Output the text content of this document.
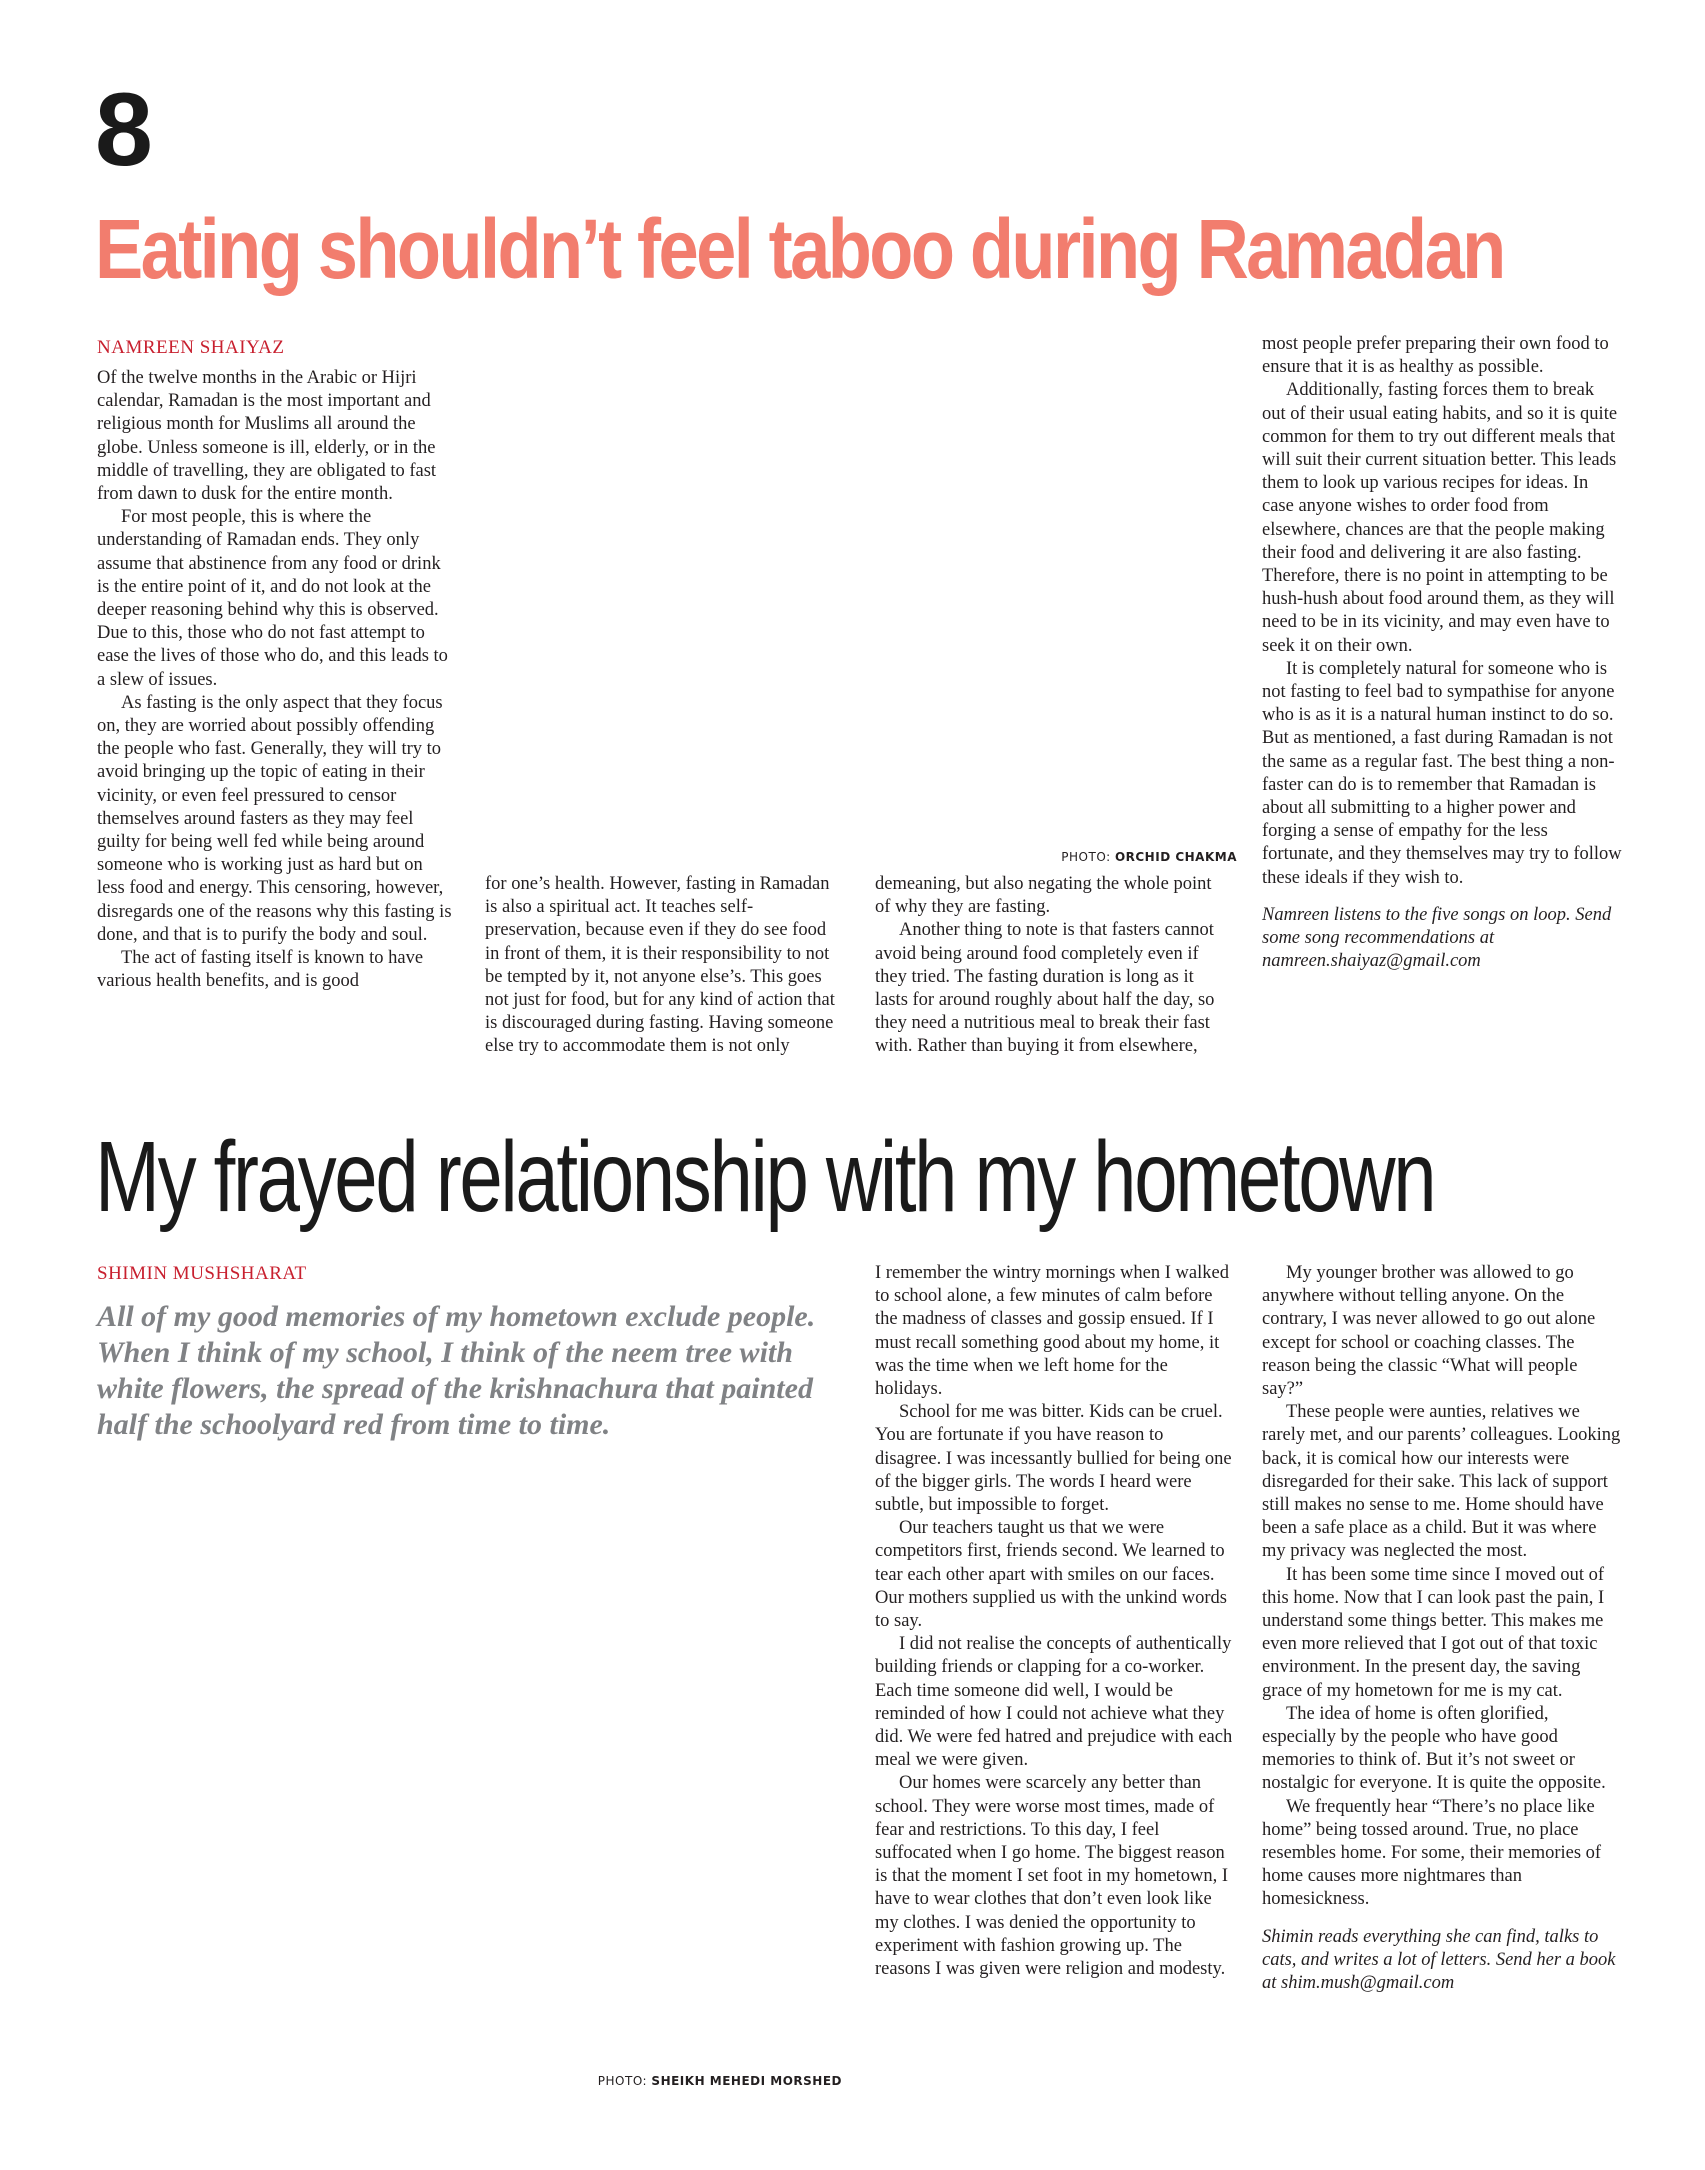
8
Eating shouldn’t feel taboo during Ramadan
NAMREEN SHAIYAZ
PHOTO: ORCHID CHAKMA

Of the twelve months in the Arabic or Hijri calendar, Ramadan is the most important and religious month for Muslims all around the globe. Unless someone is ill, elderly, or in the middle of travelling, they are obligated to fast from dawn to dusk for the entire month.

For most people, this is where the understanding of Ramadan ends. They only assume that abstinence from any food or drink is the entire point of it, and do not look at the deeper reasoning behind why this is observed. Due to this, those who do not fast attempt to ease the lives of those who do, and this leads to a slew of issues.

As fasting is the only aspect that they focus on, they are worried about possibly offending the people who fast. Generally, they will try to avoid bringing up the topic of eating in their vicinity, or even feel pressured to censor themselves around fasters as they may feel guilty for being well fed while being around someone who is working just as hard but on less food and energy. This censoring, however, disregards one of the reasons why this fasting is done, and that is to purify the body and soul.

The act of fasting itself is known to have various health benefits, and is good

for one’s health. However, fasting in Ramadan is also a spiritual act. It teaches self-preservation, because even if they do see food in front of them, it is their responsibility to not be tempted by it, not anyone else’s. This goes not just for food, but for any kind of action that is discouraged during fasting. Having someone else try to accommodate them is not only

demeaning, but also negating the whole point of why they are fasting.

Another thing to note is that fasters cannot avoid being around food completely even if they tried. The fasting duration is long as it lasts for around roughly about half the day, so they need a nutritious meal to break their fast with. Rather than buying it from elsewhere,

most people prefer preparing their own food to ensure that it is as healthy as possible.

Additionally, fasting forces them to break out of their usual eating habits, and so it is quite common for them to try out different meals that will suit their current situation better. This leads them to look up various recipes for ideas. In case anyone wishes to order food from elsewhere, chances are that the people making their food and delivering it are also fasting. Therefore, there is no point in attempting to be hush-hush about food around them, as they will need to be in its vicinity, and may even have to seek it on their own.

It is completely natural for someone who is not fasting to feel bad to sympathise for anyone who is as it is a natural human instinct to do so. But as mentioned, a fast during Ramadan is not the same as a regular fast. The best thing a non-faster can do is to remember that Ramadan is about all submitting to a higher power and forging a sense of empathy for the less fortunate, and they themselves may try to follow these ideals if they wish to.

Namreen listens to the five songs on loop. Send some song recommendations at namreen.shaiyaz@gmail.com

My frayed relationship with my hometown
SHIMIN MUSHSHARAT
All of my good memories of my hometown exclude people. When I think of my school, I think of the neem tree with white flowers, the spread of the krishnachura that painted half the schoolyard red from time to time.
PHOTO: SHEIKH MEHEDI MORSHED

I remember the wintry mornings when I walked to school alone, a few minutes of calm before the madness of classes and gossip ensued. If I must recall something good about my home, it was the time when we left home for the holidays.

School for me was bitter. Kids can be cruel. You are fortunate if you have reason to disagree. I was incessantly bullied for being one of the bigger girls. The words I heard were subtle, but impossible to forget.

Our teachers taught us that we were competitors first, friends second. We learned to tear each other apart with smiles on our faces. Our mothers supplied us with the unkind words to say.

I did not realise the concepts of authentically building friends or clapping for a co-worker. Each time someone did well, I would be reminded of how I could not achieve what they did. We were fed hatred and prejudice with each meal we were given.

Our homes were scarcely any better than school. They were worse most times, made of fear and restrictions. To this day, I feel suffocated when I go home. The biggest reason is that the moment I set foot in my hometown, I have to wear clothes that don’t even look like my clothes. I was denied the opportunity to experiment with fashion growing up. The reasons I was given were religion and modesty.

My younger brother was allowed to go anywhere without telling anyone. On the contrary, I was never allowed to go out alone except for school or coaching classes. The reason being the classic “What will people say?”

These people were aunties, relatives we rarely met, and our parents’ colleagues. Looking back, it is comical how our interests were disregarded for their sake. This lack of support still makes no sense to me. Home should have been a safe place as a child. But it was where my privacy was neglected the most.

It has been some time since I moved out of this home. Now that I can look past the pain, I understand some things better. This makes me even more relieved that I got out of that toxic environment. In the present day, the saving grace of my hometown for me is my cat.

The idea of home is often glorified, especially by the people who have good memories to think of. But it’s not sweet or nostalgic for everyone. It is quite the opposite.

We frequently hear “There’s no place like home” being tossed around. True, no place resembles home. For some, their memories of home causes more nightmares than homesickness.

Shimin reads everything she can find, talks to cats, and writes a lot of letters. Send her a book at shim.mush@gmail.com
